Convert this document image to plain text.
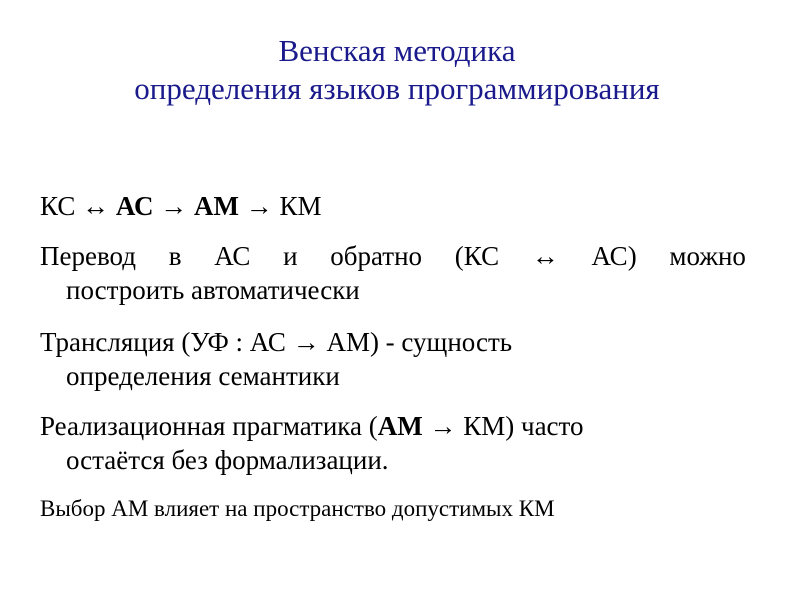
Венская методика
определения языков программирования
КС ↔ АС → АМ → КМ
Перевод в АС и обратно (КС ↔ АС) можно
построить автоматически
Трансляция (УФ : АС → АМ) - сущность
определения семантики
Реализационная прагматика (АМ → КМ) часто
остаётся без формализации.
Выбор АМ влияет на пространство допустимых КМ
